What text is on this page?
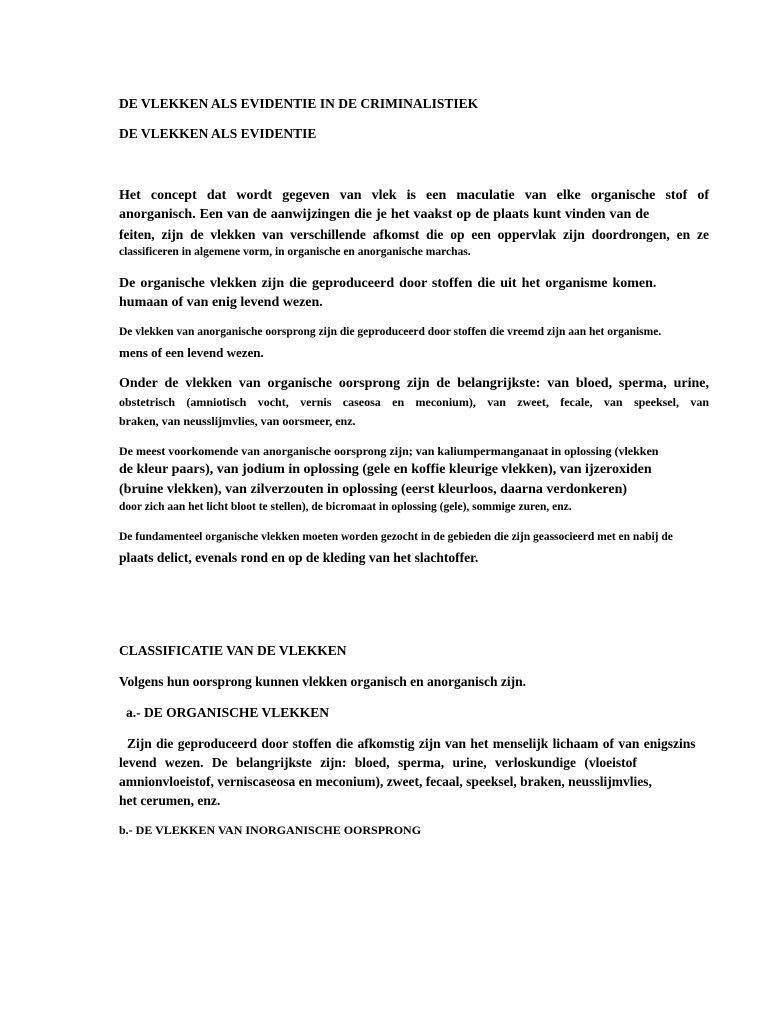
DE VLEKKEN ALS EVIDENTIE IN DE CRIMINALISTIEK
DE VLEKKEN ALS EVIDENTIE
Het concept dat wordt gegeven van vlek is een maculatie van elke organische stof of
anorganisch. Een van de aanwijzingen die je het vaakst op de plaats kunt vinden van de
feiten, zijn de vlekken van verschillende afkomst die op een oppervlak zijn doordrongen, en ze
classificeren in algemene vorm, in organische en anorganische marchas.
De organische vlekken zijn die geproduceerd door stoffen die uit het organisme komen.
humaan of van enig levend wezen.
De vlekken van anorganische oorsprong zijn die geproduceerd door stoffen die vreemd zijn aan het organisme.
mens of een levend wezen.
Onder de vlekken van organische oorsprong zijn de belangrijkste: van bloed, sperma, urine,
obstetrisch (amniotisch vocht, vernis caseosa en meconium), van zweet, fecale, van speeksel, van
braken, van neusslijmvlies, van oorsmeer, enz.
De meest voorkomende van anorganische oorsprong zijn; van kaliumpermanganaat in oplossing (vlekken
de kleur paars), van jodium in oplossing (gele en koffie kleurige vlekken), van ijzeroxiden
(bruine vlekken), van zilverzouten in oplossing (eerst kleurloos, daarna verdonkeren)
door zich aan het licht bloot te stellen), de bicromaat in oplossing (gele), sommige zuren, enz.
De fundamenteel organische vlekken moeten worden gezocht in de gebieden die zijn geassocieerd met en nabij de
plaats delict, evenals rond en op de kleding van het slachtoffer.
CLASSIFICATIE VAN DE VLEKKEN
Volgens hun oorsprong kunnen vlekken organisch en anorganisch zijn.
a.- DE ORGANISCHE VLEKKEN
Zijn die geproduceerd door stoffen die afkomstig zijn van het menselijk lichaam of van enigszins
levend wezen. De belangrijkste zijn: bloed, sperma, urine, verloskundige (vloeistof
amnionvloeistof, verniscaseosa en meconium), zweet, fecaal, speeksel, braken, neusslijmvlies,
het cerumen, enz.
b.- DE VLEKKEN VAN INORGANISCHE OORSPRONG
